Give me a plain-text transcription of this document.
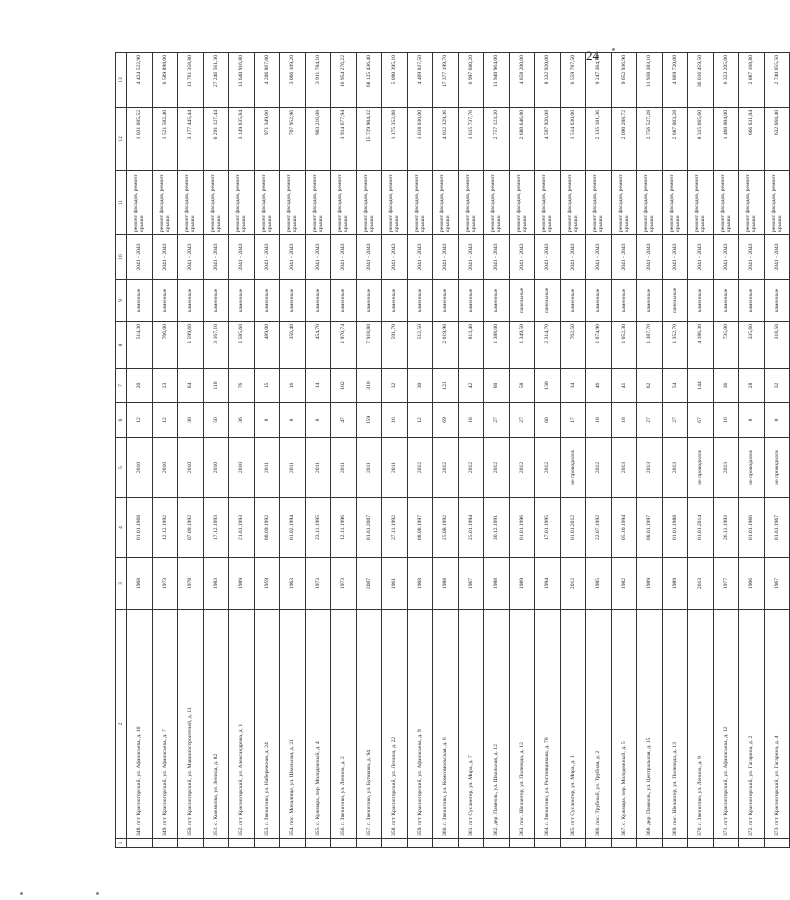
24
1	2	3	4	5	6	7	8	9	10	11	12	13
	348. пгт Красногорский, ул. Афанасьева, д. 10	1968	01.01.1968	2010	12	20	514,30	каменные	2041 - 2043	ремонт фасадов, ремонт крыши	1 031 605,52	4 424 522,90
	349. пгт Красногорский, ул. Афанасьева, д. 7	1973	12.12.1992	2010	12	23	766,00	каменные	2041 - 2043	ремонт фасадов, ремонт крыши	1 521 582,40	6 589 898,00
	350. пгт Красногорский, ул. Машиностроителей, д. 11	1978	07.09.1992	2010	30	64	1 599,60	каменные	2041 - 2043	ремонт фасадов, ремонт крыши	3 177 445,44	13 761 358,80
	351. с. Кожмолва, ул. Зеница, д. 82	1983	17.12.1993	2010	50	110	3 167,10	каменные	2041 - 2043	ремонт фасадов, ремонт крыши	6 291 127,44	27 246 561,30
	352. пгт Красногорский, ул. Александрова, д. 1	1989	21.01.1993	2010	36	76	1 585,60	каменные	2041 - 2043	ремонт фасадов, ремонт крыши	3 149 635,84	13 640 916,80
	353. г. Звенигово, ул. Набережная, д. 24	1959	08.09.1992	2011	8	15	489,00	каменные	2041 - 2043	ремонт фасадов, ремонт крыши	971 349,60	4 206 867,00
	354. пос. Мочалище, ул. Школьная, д. 21	1963	01.02.1994	2011	8	16	356,40	каменные	2041 - 2043	ремонт фасадов, ремонт крыши	707 952,96	3 066 109,20
	355. с. Кужмара, пер. Молодежный, д. 4	1973	23.11.1995	2011	8	14	454,70	каменные	2041 - 2043	ремонт фасадов, ремонт крыши	903 216,08	3 911 784,10
	356. г. Звенигово, ул. Ленина, д. 2	1973	12.11.1996	2011	47	102	1 970,74	каменные	2041 - 2043	ремонт фасадов, ремонт крыши	3 914 677,94	16 954 276,22
	357. г. Звенигово, ул. Бутякова, д. 94	2007	01.01.2007	2011	159	310	7 918,80	каменные	2041 - 2043	ремонт фасадов, ремонт крыши	15 729 904,32	68 125 436,40
	358. пгт Красногорский, ул. Ленина, д. 22	1961	27.11.1992	2011	16	32	591,70	каменные	2041 - 2043	ремонт фасадов, ремонт крыши	1 175 352,88	5 090 395,10
	359. пгт Красногорский, ул. Афанасьева, д. 9	1968	08.08.1997	2012	12	30	512,50	каменные	2041 - 2043	ремонт фасадов, ремонт крыши	1 018 030,00	4 409 037,50
	360. г. Звенигово, ул. Комсомольская, д. 6	1988	25.08.1992	2012	69	121	2 019,90	каменные	2041 - 2043	ремонт фасадов, ремонт крыши	4 012 329,36	17 377 199,70
	361. пгт Суслонгер, ул. Мира, д. 7	1967	25.01.1994	2012	18	42	813,40	каменные	2041 - 2043	ремонт фасадов, ремонт крыши	1 615 737,76	6 997 680,20
	362. дер. Памеоль, ул. Школьная, д. 12	1988	30.12.1991	2012	27	60	1 388,00	каменные	2041 - 2043	ремонт фасадов, ремонт крыши	2 757 123,20	11 940 964,00
	363. пос. Шелангер, ул. Полевода, д. 12	1989	01.01.1996	2012	27	58	1 349,50	панельные	2041 - 2043	ремонт фасадов, ремонт крыши	2 680 646,80	4 858 200,00
	364. г. Звенигово, ул. Ростовщикова, д. 78	1994	17.01.1995	2012	60	130	2 314,70	панельные	2041 - 2043	ремонт фасадов, ремонт крыши	4 597 920,08	8 332 920,00
	365. пгт Суслонгер, ул. Мира, д. 1	2012	01.01.2012	не проводился	17	34	762,50	каменные	2041 - 2043	ремонт фасадов, ремонт крыши	1 514 630,00	6 559 787,50
	366. пос. Трубный, ул. Трубная, д. 2	1985	22.07.1992	2012	18	46	1 074,90	каменные	2041 - 2043	ремонт фасадов, ремонт крыши	2 135 181,36	9 247 364,70
	367. с. Кужмара, пер. Молодежный, д. 5	1982	05.10.1994	2013	18	41	1 052,30	каменные	2041 - 2043	ремонт фасадов, ремонт крыши	2 090 288,72	9 052 936,90
	368. дер. Памеоль, ул. Центральная, д. 15	1989	08.01.1997	2013	27	62	1 387,70	каменные	2041 - 2043	ремонт фасадов, ремонт крыши	2 756 527,28	11 938 383,10
	369. пос. Шелангер, ул. Полевода, д. 13	1989	01.01.1988	2013	27	54	1 352,70	панельные	2041 - 2043	ремонт фасадов, ремонт крыши	2 687 003,28	4 869 720,00
	370. г. Звенигово, ул. Ленина, д. 9	2013	01.01.2014	не проводился	67	144	4 186,30	каменные	2041 - 2043	ремонт фасадов, ремонт крыши	8 315 665,60	36 016 459,50
	371. пгт Красногорский, ул. Афанасьева, д. 12	1977	26.11.1993	2013	16	36	735,00	каменные	2041 - 2043	ремонт фасадов, ремонт крыши	1 460 004,00	6 323 205,00
	372. пгт Красногорский, ул. Гагарина, д. 2	1966	01.01.1966	не проводился	8	28	335,60	каменные	2041 - 2043	ремонт фасадов, ремонт крыши	666 631,84	2 887 168,80
	373. пгт Красногорский, ул. Гагарина, д. 4	1967	01.01.1967	не проводился	8	32	318,50	каменные	2041 - 2043	ремонт фасадов, ремонт крыши	632 668,40	2 740 055,50
